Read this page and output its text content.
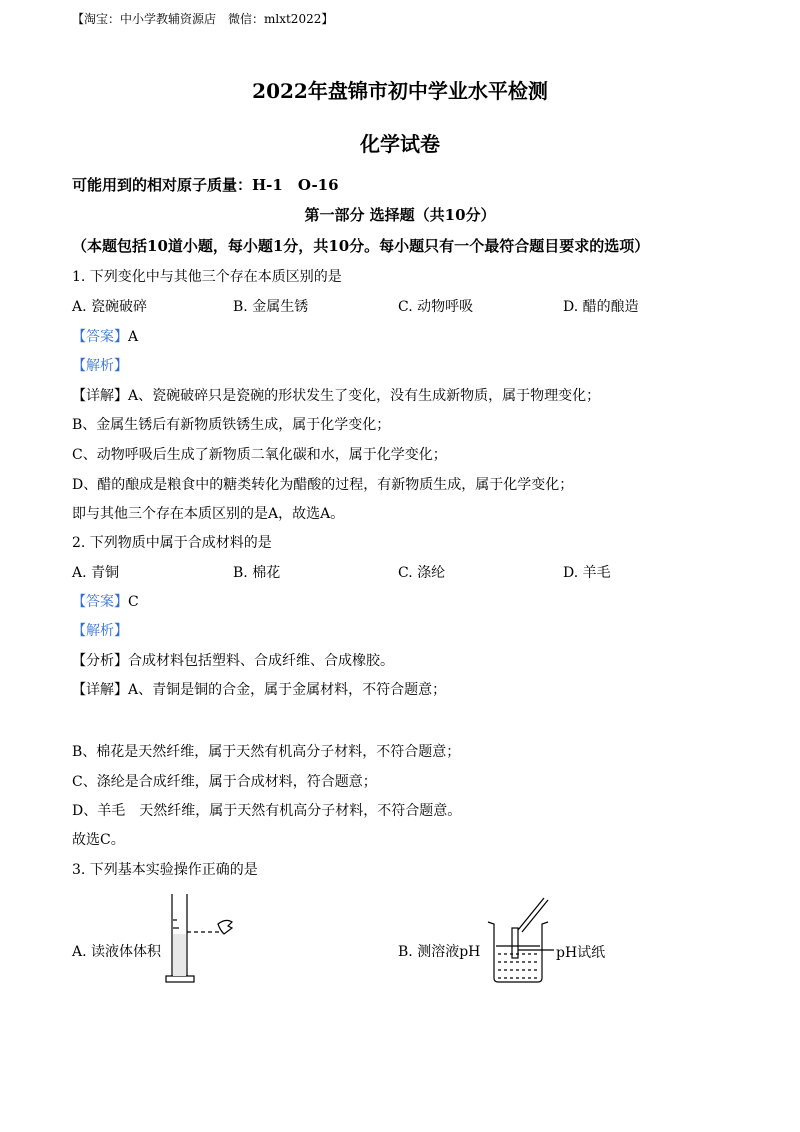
【淘宝：中小学教辅资源店　微信：mlxt2022】
2022年盘锦市初中学业水平检测
化学试卷
可能用到的相对原子质量：H-1　O-16
第一部分 选择题（共10分）
（本题包括10道小题，每小题1分，共10分。每小题只有一个最符合题目要求的选项）
1. 下列变化中与其他三个存在本质区别的是
A. 瓷碗破碎	B. 金属生锈	C. 动物呼吸	D. 醋的酿造
【答案】A
【解析】
【详解】A、瓷碗破碎只是瓷碗的形状发生了变化，没有生成新物质，属于物理变化；
B、金属生锈后有新物质铁锈生成，属于化学变化；
C、动物呼吸后生成了新物质二氧化碳和水，属于化学变化；
D、醋的酿成是粮食中的糖类转化为醋酸的过程，有新物质生成，属于化学变化；
即与其他三个存在本质区别的是A，故选A。
2. 下列物质中属于合成材料的是
A. 青铜	B. 棉花	C. 涤纶	D. 羊毛
【答案】C
【解析】
【分析】合成材料包括塑料、合成纤维、合成橡胶。
【详解】A、青铜是铜的合金，属于金属材料，不符合题意；
B、棉花是天然纤维，属于天然有机高分子材料，不符合题意；
C、涤纶是合成纤维，属于合成材料，符合题意；
D、羊毛　天然纤维，属于天然有机高分子材料，不符合题意。
故选C。
3. 下列基本实验操作正确的是
A. 读液体体积	B. 测溶液pH	pH试纸
